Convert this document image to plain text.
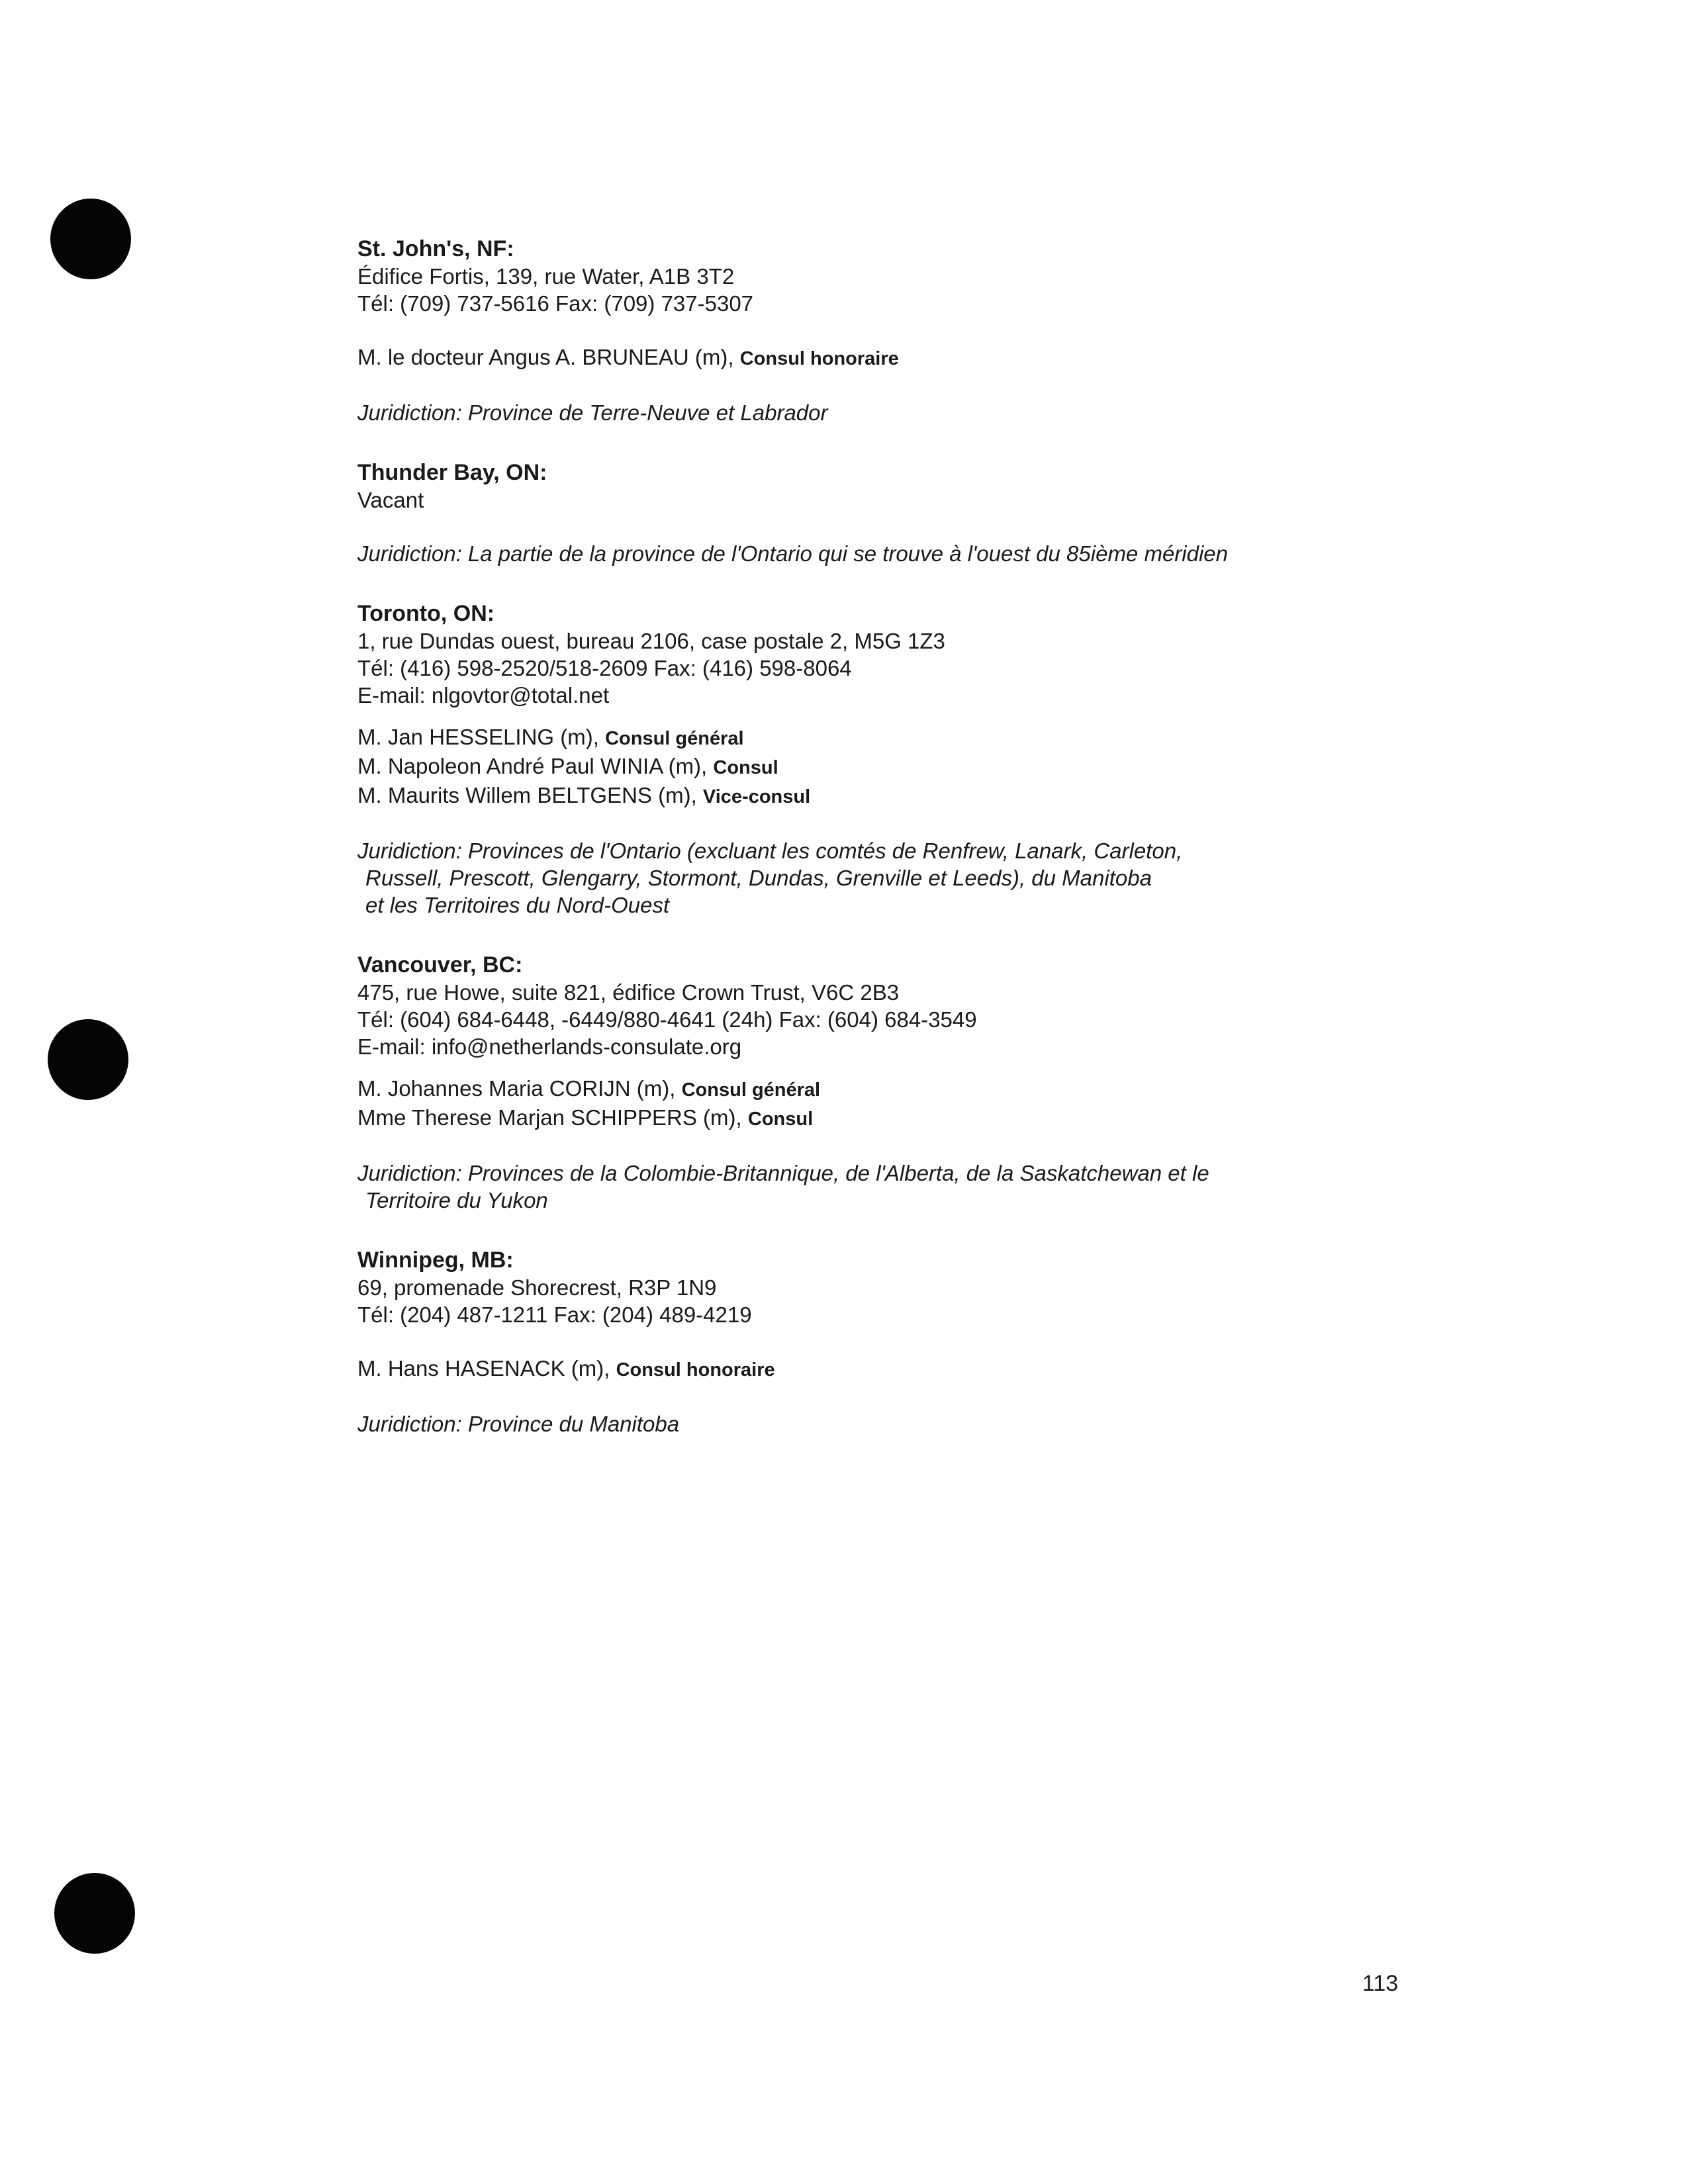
St. John's, NF:
Édifice Fortis, 139, rue Water, A1B 3T2
Tél: (709) 737-5616 Fax: (709) 737-5307
M. le docteur Angus A. BRUNEAU (m), Consul honoraire
Juridiction: Province de Terre-Neuve et Labrador
Thunder Bay, ON:
Vacant
Juridiction: La partie de la province de l'Ontario qui se trouve à l'ouest du 85ième méridien
Toronto, ON:
1, rue Dundas ouest, bureau 2106, case postale 2, M5G 1Z3
Tél: (416) 598-2520/518-2609 Fax: (416) 598-8064
E-mail: nlgovtor@total.net
M. Jan HESSELING (m), Consul général
M. Napoleon André Paul WINIA (m), Consul
M. Maurits Willem BELTGENS (m), Vice-consul
Juridiction: Provinces de l'Ontario (excluant les comtés de Renfrew, Lanark, Carleton,
Russell, Prescott, Glengarry, Stormont, Dundas, Grenville et Leeds), du Manitoba
et les Territoires du Nord-Ouest
Vancouver, BC:
475, rue Howe, suite 821, édifice Crown Trust, V6C 2B3
Tél: (604) 684-6448, -6449/880-4641 (24h) Fax: (604) 684-3549
E-mail: info@netherlands-consulate.org
M. Johannes Maria CORIJN (m), Consul général
Mme Therese Marjan SCHIPPERS (m), Consul
Juridiction: Provinces de la Colombie-Britannique, de l'Alberta, de la Saskatchewan et le
Territoire du Yukon
Winnipeg, MB:
69, promenade Shorecrest, R3P 1N9
Tél: (204) 487-1211 Fax: (204) 489-4219
M. Hans HASENACK (m), Consul honoraire
Juridiction: Province du Manitoba
113
